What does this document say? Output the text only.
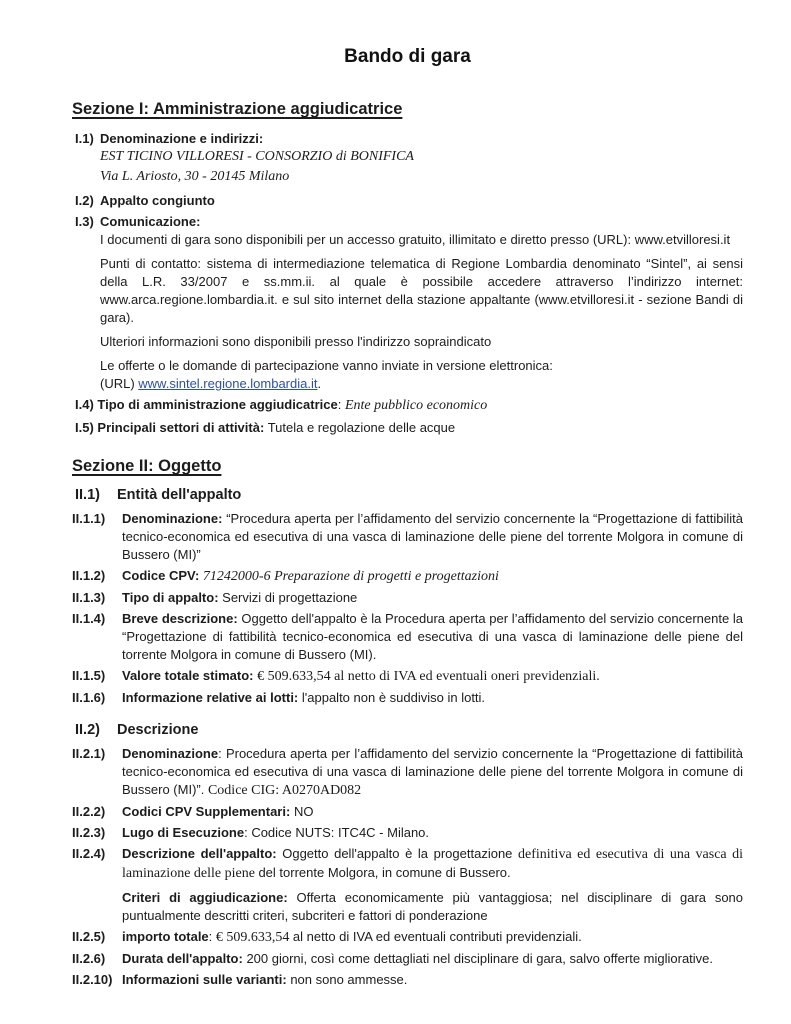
Bando di gara
Sezione I: Amministrazione aggiudicatrice
I.1) Denominazione e indirizzi:
EST TICINO VILLORESI - CONSORZIO di BONIFICA
Via L. Ariosto, 30 - 20145 Milano
I.2) Appalto congiunto
I.3) Comunicazione:

I documenti di gara sono disponibili per un accesso gratuito, illimitato e diretto presso (URL): www.etvilloresi.it

Punti di contatto: sistema di intermediazione telematica di Regione Lombardia denominato “Sintel”, ai sensi della L.R. 33/2007 e ss.mm.ii. al quale è possibile accedere attraverso l’indirizzo internet: www.arca.regione.lombardia.it. e sul sito internet della stazione appaltante (www.etvilloresi.it - sezione Bandi di gara).

Ulteriori informazioni sono disponibili presso l'indirizzo sopraindicato

Le offerte o le domande di partecipazione vanno inviate in versione elettronica:
(URL) www.sintel.regione.lombardia.it.

I.4) Tipo di amministrazione aggiudicatrice: Ente pubblico economico

I.5) Principali settori di attività: Tutela e regolazione delle acque

Sezione II: Oggetto
II.1)	Entità dell'appalto
II.1.1)	Denominazione: “Procedura aperta per l’affidamento del servizio concernente la “Progettazione di fattibilità tecnico-economica ed esecutiva di una vasca di laminazione delle piene del torrente Molgora in comune di Bussero (MI)”
II.1.2)	Codice CPV: 71242000-6 Preparazione di progetti e progettazioni
II.1.3)	Tipo di appalto: Servizi di progettazione
II.1.4)	Breve descrizione: Oggetto dell'appalto è la Procedura aperta per l’affidamento del servizio concernente la “Progettazione di fattibilità tecnico-economica ed esecutiva di una vasca di laminazione delle piene del torrente Molgora in comune di Bussero (MI).
II.1.5)	Valore totale stimato: € 509.633,54 al netto di IVA ed eventuali oneri previdenziali.
II.1.6)	Informazione relative ai lotti: l'appalto non è suddiviso in lotti.
II.2)	Descrizione
II.2.1)	Denominazione: Procedura aperta per l’affidamento del servizio concernente la “Progettazione di fattibilità tecnico-economica ed esecutiva di una vasca di laminazione delle piene del torrente Molgora in comune di Bussero (MI)”. Codice CIG: A0270AD082
II.2.2)	Codici CPV Supplementari: NO
II.2.3)	Lugo di Esecuzione: Codice NUTS: ITC4C - Milano.
II.2.4)	Descrizione dell'appalto: Oggetto dell'appalto è la progettazione definitiva ed esecutiva di una vasca di laminazione delle piene del torrente Molgora, in comune di Bussero.

Criteri di aggiudicazione: Offerta economicamente più vantaggiosa; nel disciplinare di gara sono puntualmente descritti criteri, subcriteri e fattori di ponderazione

II.2.5)	importo totale: € 509.633,54 al netto di IVA ed eventuali contributi previdenziali.
II.2.6)	Durata dell'appalto: 200 giorni, così come dettagliati nel disciplinare di gara, salvo offerte migliorative.
II.2.10) Informazioni sulle varianti: non sono ammesse.
